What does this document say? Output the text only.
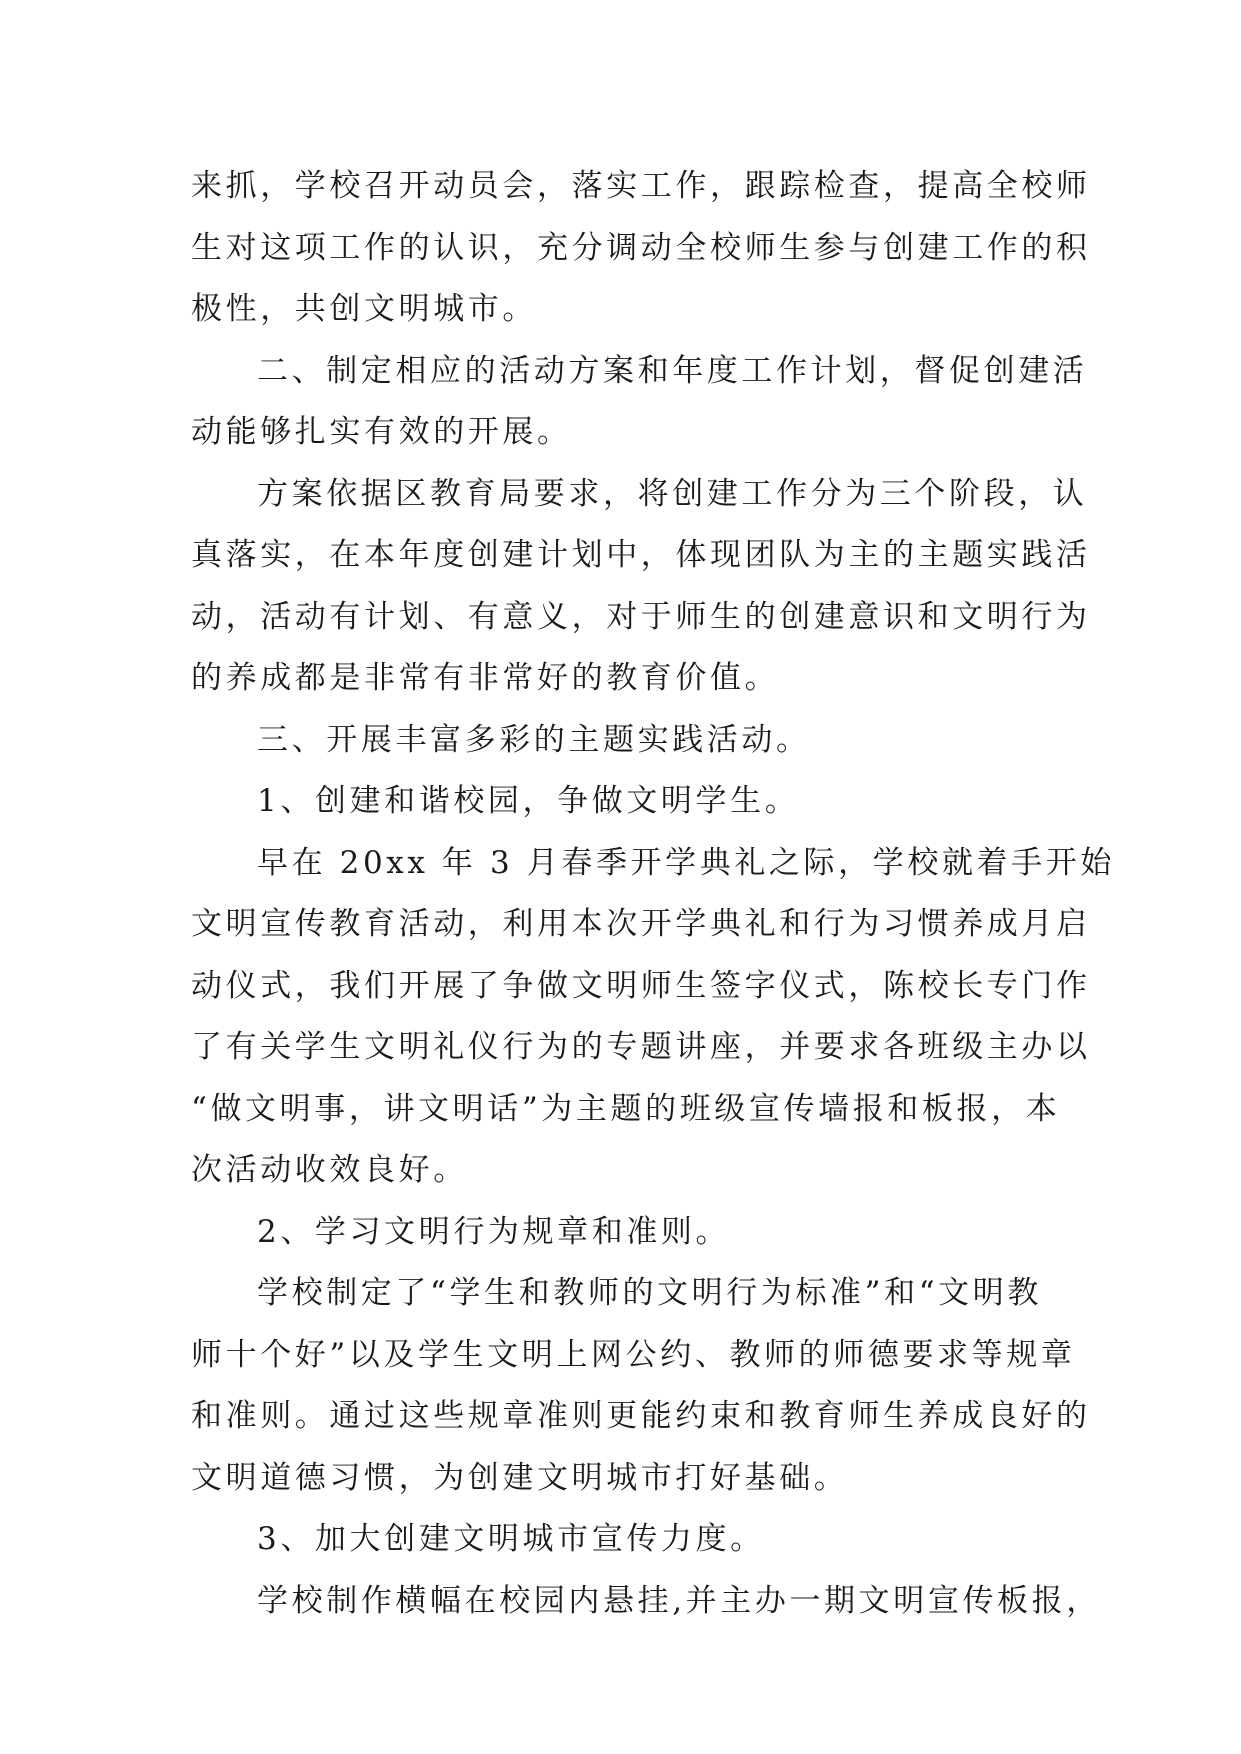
来抓，学校召开动员会，落实工作，跟踪检查，提高全校师
生对这项工作的认识，充分调动全校师生参与创建工作的积
极性，共创文明城市。
二、制定相应的活动方案和年度工作计划，督促创建活
动能够扎实有效的开展。
方案依据区教育局要求，将创建工作分为三个阶段，认
真落实，在本年度创建计划中，体现团队为主的主题实践活
动，活动有计划、有意义，对于师生的创建意识和文明行为
的养成都是非常有非常好的教育价值。
三、开展丰富多彩的主题实践活动。
1、创建和谐校园，争做文明学生。
早在 20xx 年 3 月春季开学典礼之际，学校就着手开始
文明宣传教育活动，利用本次开学典礼和行为习惯养成月启
动仪式，我们开展了争做文明师生签字仪式，陈校长专门作
了有关学生文明礼仪行为的专题讲座，并要求各班级主办以
“做文明事，讲文明话”为主题的班级宣传墙报和板报，本
次活动收效良好。
2、学习文明行为规章和准则。
学校制定了“学生和教师的文明行为标准”和“文明教
师十个好”以及学生文明上网公约、教师的师德要求等规章
和准则。通过这些规章准则更能约束和教育师生养成良好的
文明道德习惯，为创建文明城市打好基础。
3、加大创建文明城市宣传力度。
学校制作横幅在校园内悬挂,并主办一期文明宣传板报，
